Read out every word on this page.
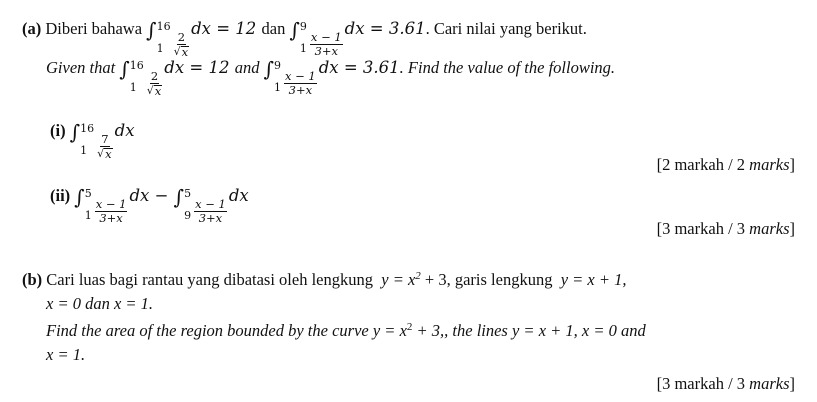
(a) Diberi bahawa ∫ 16
$1 \frac{2}{√ x}$
dx = 12 dan ∫ 9
$1 \frac{x - 1}{3+x}$
dx = 3.61. Cari nilai yang berikut.
Given that ∫ 16
$1 \frac{2}{√ x}$
dx = 12 and ∫ 9
$1 \frac{x - 1}{3+x}$
dx = 3.61. Find the value of the following.
(i) ∫ 16
$1 \frac{7}{√ x}$
dx
[2 markah / 2 marks]
(ii) ∫ 5
$1 \frac{x - 1}{3+x}$
dx − ∫ 5
$9 \frac{x - 1}{3+x}$
dx
[3 markah / 3 marks]
(b) Cari luas bagi rantau yang dibatasi oleh lengkung $y = x^2 + 3$, garis lengkung y = x + 1,
x = 0 dan x = 1.
Find the area of the region bounded by the curve $y = x^2 + 3$,, the lines y = x + 1, x = 0 and
x = 1.
[3 markah / 3 marks]
